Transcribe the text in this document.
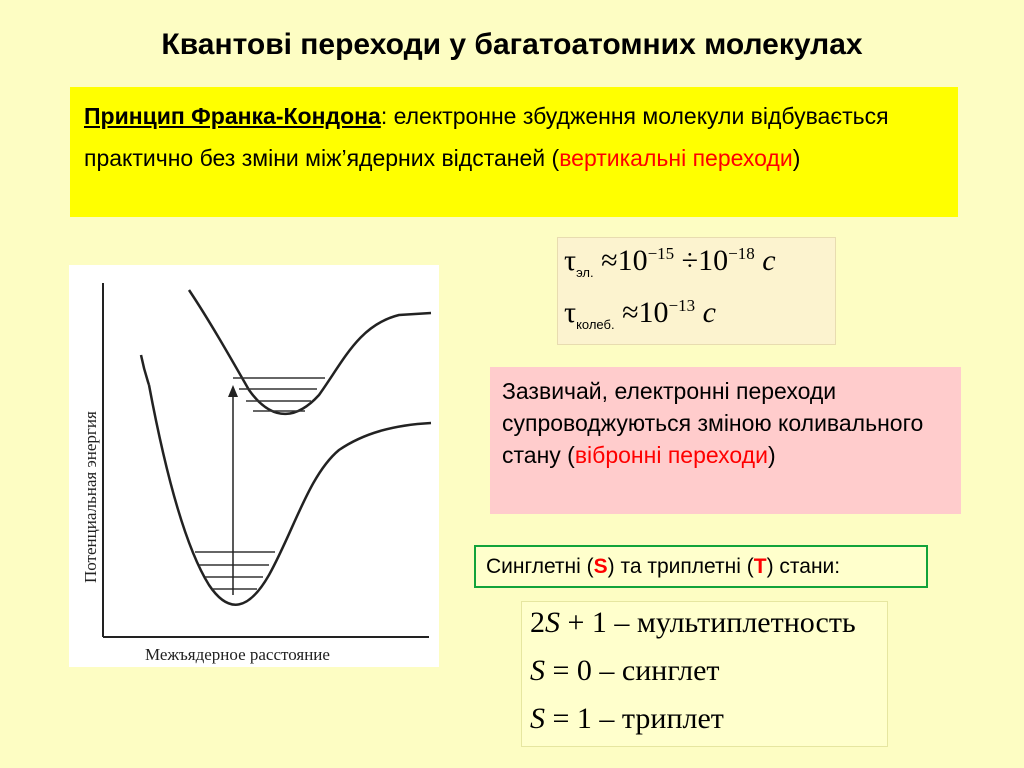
Квантові переходи у багатоатомних молекулах
Принцип Франка-Кондона: електронне збудження молекули відбувається практично без зміни між’ядерних відстаней (вертикальні переходи)
$\tau_{эл.} \approx 10^{-15} \div 10^{-18}$ с
$\tau_{колеб.} \approx 10^{-13}$ с
Потенциальная энергия
Межъядерное расстояние
Зазвичай, електронні переходи супроводжуються зміною коливального стану (вібронні переходи)
Синглетні (S) та триплетні (T) стани:
2S + 1 – мультиплетность
S = 0 – синглет
S = 1 – триплет
